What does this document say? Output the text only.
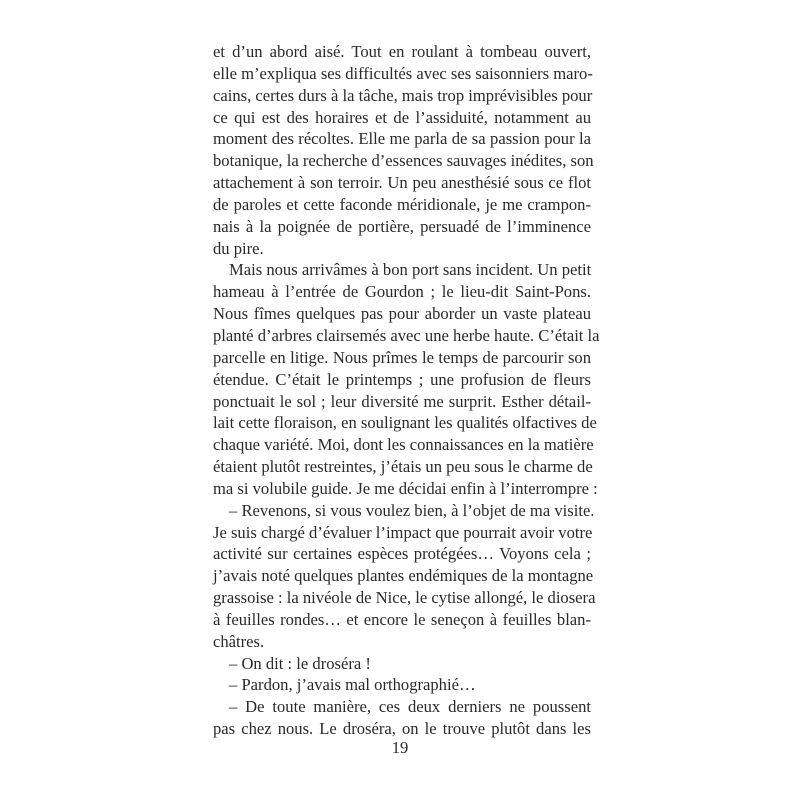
et d’un abord aisé. Tout en roulant à tombeau ouvert,
elle m’expliqua ses difficultés avec ses saisonniers maro-
cains, certes durs à la tâche, mais trop imprévisibles pour
ce qui est des horaires et de l’assiduité, notamment au
moment des récoltes. Elle me parla de sa passion pour la
botanique, la recherche d’essences sauvages inédites, son
attachement à son terroir. Un peu anesthésié sous ce flot
de paroles et cette faconde méridionale, je me crampon-
nais à la poignée de portière, persuadé de l’imminence
du pire.
Mais nous arrivâmes à bon port sans incident. Un petit
hameau à l’entrée de Gourdon ; le lieu-dit Saint-Pons.
Nous fîmes quelques pas pour aborder un vaste plateau
planté d’arbres clairsemés avec une herbe haute. C’était la
parcelle en litige. Nous prîmes le temps de parcourir son
étendue. C’était le printemps ; une profusion de fleurs
ponctuait le sol ; leur diversité me surprit. Esther détail-
lait cette floraison, en soulignant les qualités olfactives de
chaque variété. Moi, dont les connaissances en la matière
étaient plutôt restreintes, j’étais un peu sous le charme de
ma si volubile guide. Je me décidai enfin à l’interrompre :
– Revenons, si vous voulez bien, à l’objet de ma visite.
Je suis chargé d’évaluer l’impact que pourrait avoir votre
activité sur certaines espèces protégées… Voyons cela ;
j’avais noté quelques plantes endémiques de la montagne
grassoise : la nivéole de Nice, le cytise allongé, le diosera
à feuilles rondes… et encore le seneçon à feuilles blan-
châtres.
– On dit : le droséra !
– Pardon, j’avais mal orthographié…
– De toute manière, ces deux derniers ne poussent
pas chez nous. Le droséra, on le trouve plutôt dans les
19
